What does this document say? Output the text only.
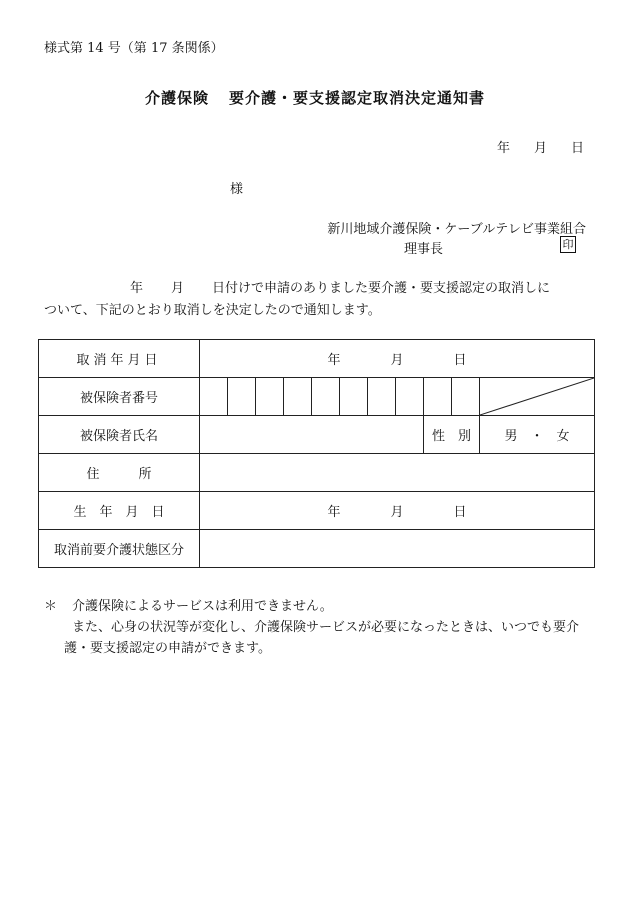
様式第 14 号（第 17 条関係）
介護保険 要介護・要支援認定取消決定通知書
年 月 日
様
新川地域介護保険・ケーブルテレビ事業組合
理事長	印
年 月 日付けで申請のありました要介護・要支援認定の取消しに
ついて、下記のとおり取消しを決定したので通知します。
取消年月日	年 月 日										
被保険者番号											

被保険者氏名									性　別		男　・　女
住　　　所											
生　年　月　日	年 月 日										
取消前要介護状態区分											
＊ 介護保険によるサービスは利用できません。
また、心身の状況等が変化し、介護保険サービスが必要になったときは、いつでも要介護・要支援認定の申請ができます。
